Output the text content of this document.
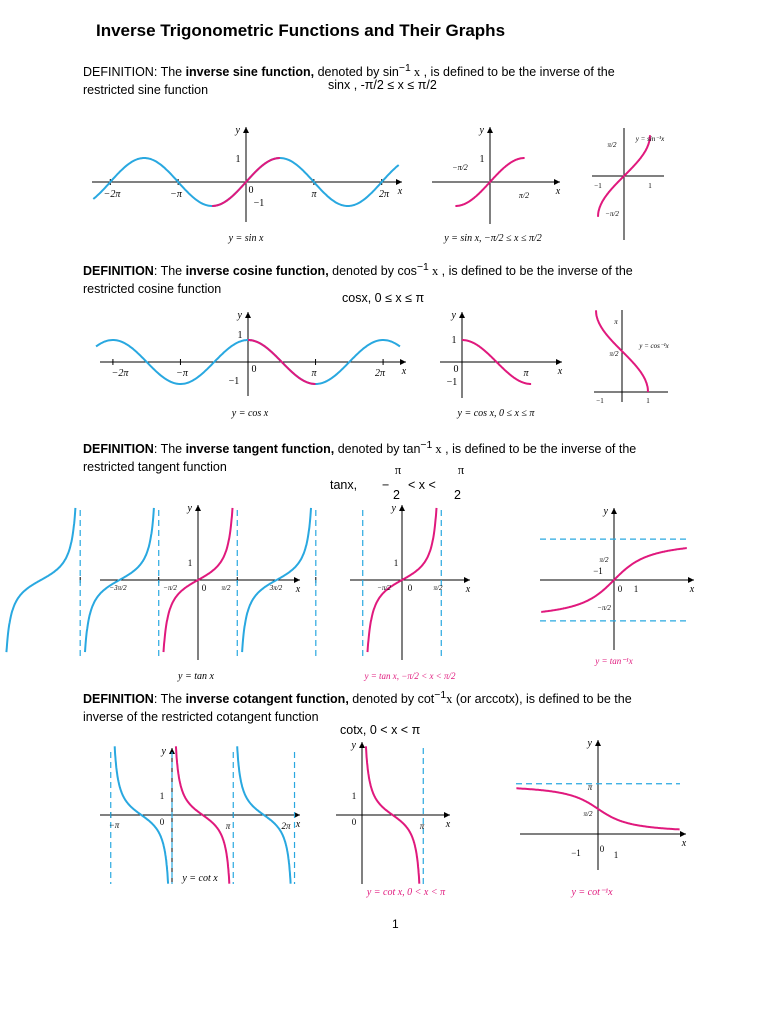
Inverse Trigonometric Functions and Their Graphs
DEFINITION: The inverse sine function, denoted by $\sin^{-1} x$ , is defined to be the inverse of the
restricted sine function	sinx , -π/2 ≤ x ≤ π/2
DEFINITION: The inverse cosine function, denoted by $\cos^{-1} x$ , is defined to be the inverse of the
restricted cosine function
cosx, 0 ≤ x ≤ π
DEFINITION: The inverse tangent function, denoted by $\tan^{-1} x$ , is defined to be the inverse of the
restricted tangent function
tanx,
π
−
2
< x <
π
2
DEFINITION: The inverse cotangent function, denoted by $\cot^{-1}x$ (or arccotx), is defined to be the
inverse of the restricted cotangent function
cotx, 0 < x < π
y
x
−2π	−π	0	π	2π
1
−1
y = sin x
y
x
−π/2
π/2
1
y = sin x, −π/2 ≤ x ≤ π/2
−1	1
π/2
−π/2
y = sin⁻¹x
y
x
−2π	−π	0	π	2π
1
−1
y = cos x
y
x
1
0
−1
π
y = cos x, 0 ≤ x ≤ π
−1	1
π
π/2
y = cos⁻¹x
y
x
−3π/2	−π/2	π/2	3π/2
1
0
y = tan x
y
x
−π/2	π/2
1
0
y = tan x, −π/2 < x < π/2
y
x
π/2
−π/2
−1
0 1
y = tan⁻¹x
y
x
−π	0	π	2π
1
y = cot x
y
x
1
0	π
y = cot x, 0 < x < π
y
x
π
π/2
−1 0
1
y = cot⁻¹x
1
